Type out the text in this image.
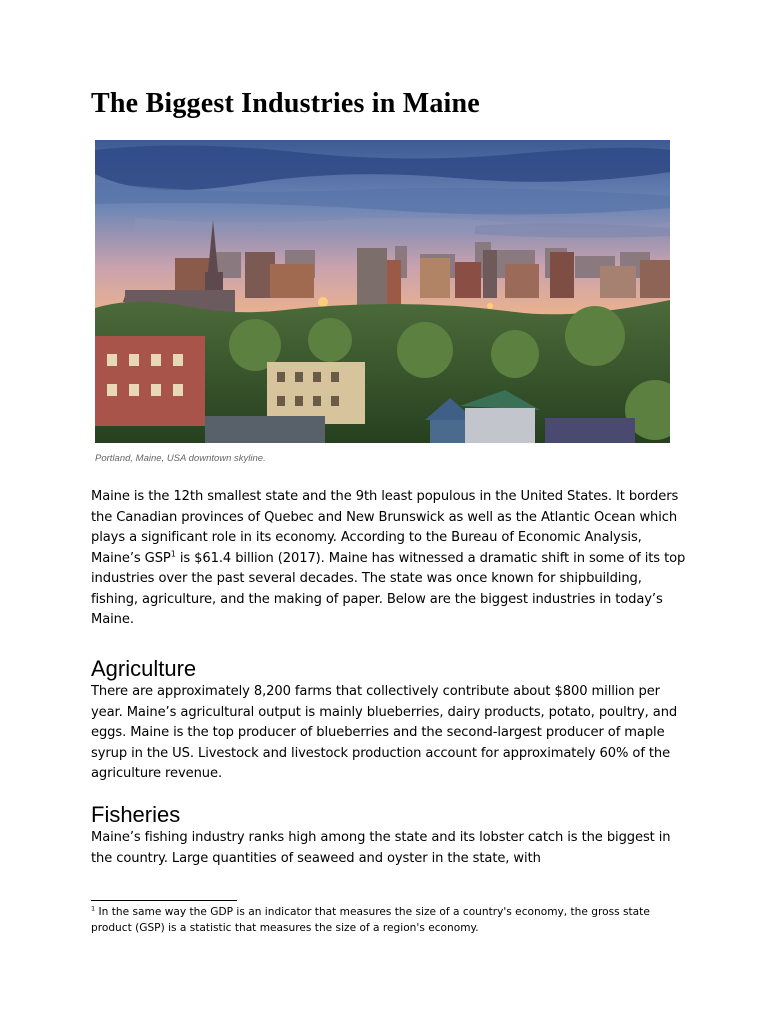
The Biggest Industries in Maine

Portland, Maine, USA downtown skyline.

Maine is the 12th smallest state and the 9th least populous in the United States. It borders the Canadian provinces of Quebec and New Brunswick as well as the Atlantic Ocean which plays a significant role in its economy. According to the Bureau of Economic Analysis, Maine’s GSP$^1$ is $61.4 billion (2017). Maine has witnessed a dramatic shift in some of its top industries over the past several decades. The state was once known for shipbuilding, fishing, agriculture, and the making of paper. Below are the biggest industries in today’s Maine.

Agriculture

There are approximately 8,200 farms that collectively contribute about $800 million per year. Maine’s agricultural output is mainly blueberries, dairy products, potato, poultry, and eggs. Maine is the top producer of blueberries and the second-largest producer of maple syrup in the US. Livestock and livestock production account for approximately 60% of the agriculture revenue.

Fisheries

Maine’s fishing industry ranks high among the state and its lobster catch is the biggest in the country. Large quantities of seaweed and oyster in the state, with

$^1$ In the same way the GDP is an indicator that measures the size of a country's economy, the gross state product (GSP) is a statistic that measures the size of a region's economy.
